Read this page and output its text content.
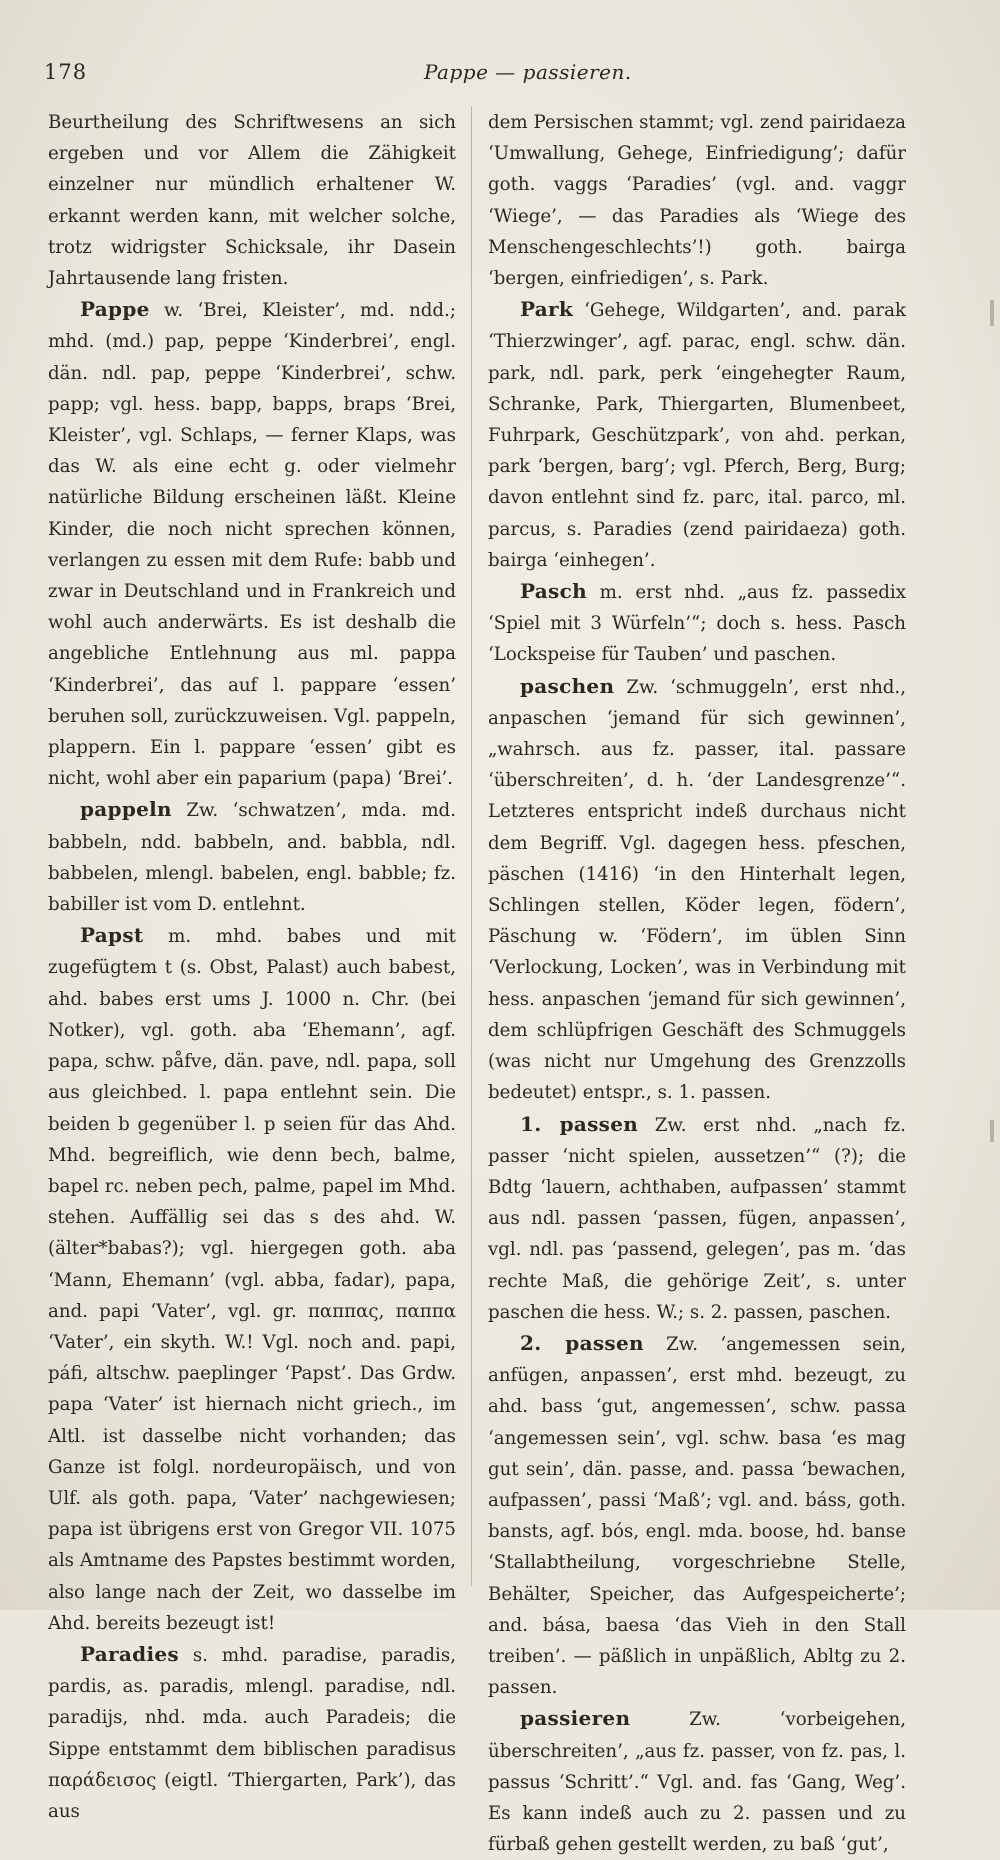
178	Pappe — passieren.

Beurtheilung des Schriftwesens an sich ergeben und vor Allem die Zähigkeit einzelner nur mündlich erhaltener W. erkannt werden kann, mit welcher solche, trotz widrigster Schicksale, ihr Dasein Jahrtausende lang fristen.

Pappe w. ‘Brei, Kleister’, md. ndd.; mhd. (md.) pap, peppe ‘Kinderbrei’, engl. dän. ndl. pap, peppe ‘Kinderbrei’, schw. papp; vgl. hess. bapp, bapps, braps ‘Brei, Kleister’, vgl. Schlaps, — ferner Klaps, was das W. als eine echt g. oder vielmehr natürliche Bildung erscheinen läßt. Kleine Kinder, die noch nicht sprechen können, verlangen zu essen mit dem Rufe: babb und zwar in Deutschland und in Frankreich und wohl auch anderwärts. Es ist deshalb die angebliche Entlehnung aus ml. pappa ‘Kinderbrei’, das auf l. pappare ‘essen’ beruhen soll, zurückzuweisen. Vgl. pappeln, plappern. Ein l. pappare ‘essen’ gibt es nicht, wohl aber ein paparium (papa) ‘Brei’.

pappeln Zw. ‘schwatzen’, mda. md. babbeln, ndd. babbeln, and. babbla, ndl. babbelen, mlengl. babelen, engl. babble; fz. babiller ist vom D. entlehnt.

Papst m. mhd. babes und mit zugefügtem t (s. Obst, Palast) auch babest, ahd. babes erst ums J. 1000 n. Chr. (bei Notker), vgl. goth. aba ‘Ehemann’, agf. papa, schw. påfve, dän. pave, ndl. papa, soll aus gleichbed. l. papa entlehnt sein. Die beiden b gegenüber l. p seien für das Ahd. Mhd. begreiflich, wie denn bech, balme, bapel rc. neben pech, palme, papel im Mhd. stehen. Auffällig sei das s des ahd. W. (älter*babas?); vgl. hiergegen goth. aba ‘Mann, Ehemann’ (vgl. abba, fadar), papa, and. papi ‘Vater’, vgl. gr. παππας, παππα ‘Vater’, ein skyth. W.! Vgl. noch and. papi, páfi, altschw. paeplinger ‘Papst’. Das Grdw. papa ‘Vater’ ist hiernach nicht griech., im Altl. ist dasselbe nicht vorhanden; das Ganze ist folgl. nordeuropäisch, und von Ulf. als goth. papa, ‘Vater’ nachgewiesen; papa ist übrigens erst von Gregor VII. 1075 als Amtname des Papstes bestimmt worden, also lange nach der Zeit, wo dasselbe im Ahd. bereits bezeugt ist!

Paradies s. mhd. paradise, paradis, pardis, as. paradis, mlengl. paradise, ndl. paradijs, nhd. mda. auch Paradeis; die Sippe entstammt dem biblischen paradisus παράδεισος (eigtl. ‘Thiergarten, Park’), das aus

dem Persischen stammt; vgl. zend pairidaeza ‘Umwallung, Gehege, Einfriedigung’; dafür goth. vaggs ‘Paradies’ (vgl. and. vaggr ‘Wiege’, — das Paradies als ‘Wiege des Menschengeschlechts’!) goth. bairga ‘bergen, einfriedigen’, s. Park.

Park ‘Gehege, Wildgarten’, and. parak ‘Thierzwinger’, agf. parac, engl. schw. dän. park, ndl. park, perk ‘eingehegter Raum, Schranke, Park, Thiergarten, Blumenbeet, Fuhrpark, Geschützpark’, von ahd. perkan, park ‘bergen, barg’; vgl. Pferch, Berg, Burg; davon entlehnt sind fz. parc, ital. parco, ml. parcus, s. Paradies (zend pairidaeza) goth. bairga ‘einhegen’.

Pasch m. erst nhd. „aus fz. passedix ‘Spiel mit 3 Würfeln’“; doch s. hess. Pasch ‘Lockspeise für Tauben’ und paschen.

paschen Zw. ‘schmuggeln’, erst nhd., anpaschen ‘jemand für sich gewinnen’, „wahrsch. aus fz. passer, ital. passare ‘überschreiten’, d. h. ‘der Landesgrenze’“. Letzteres entspricht indeß durchaus nicht dem Begriff. Vgl. dagegen hess. pfeschen, päschen (1416) ‘in den Hinterhalt legen, Schlingen stellen, Köder legen, födern’, Päschung w. ‘Födern’, im üblen Sinn ‘Verlockung, Locken’, was in Verbindung mit hess. anpaschen ‘jemand für sich gewinnen’, dem schlüpfrigen Geschäft des Schmuggels (was nicht nur Umgehung des Grenzzolls bedeutet) entspr., s. 1. passen.

1. passen Zw. erst nhd. „nach fz. passer ‘nicht spielen, aussetzen’“ (?); die Bdtg ‘lauern, achthaben, aufpassen’ stammt aus ndl. passen ‘passen, fügen, anpassen’, vgl. ndl. pas ‘passend, gelegen’, pas m. ‘das rechte Maß, die gehörige Zeit’, s. unter paschen die hess. W.; s. 2. passen, paschen.

2. passen Zw. ‘angemessen sein, anfügen, anpassen’, erst mhd. bezeugt, zu ahd. bass ‘gut, angemessen’, schw. passa ‘angemessen sein’, vgl. schw. basa ‘es mag gut sein’, dän. passe, and. passa ‘bewachen, aufpassen’, passi ‘Maß’; vgl. and. báss, goth. bansts, agf. bós, engl. mda. boose, hd. banse ‘Stallabtheilung, vorgeschriebne Stelle, Behälter, Speicher, das Aufgespeicherte’; and. bása, baesa ‘das Vieh in den Stall treiben’. — päßlich in unpäßlich, Abltg zu 2. passen.

passieren	Zw. ‘vorbeigehen, überschreiten’, „aus fz. passer, von fz. pas, l. passus ‘Schritt’.“ Vgl. and. fas ‘Gang, Weg’. Es kann indeß auch zu 2. passen und zu fürbaß gehen gestellt werden, zu baß ‘gut’,
